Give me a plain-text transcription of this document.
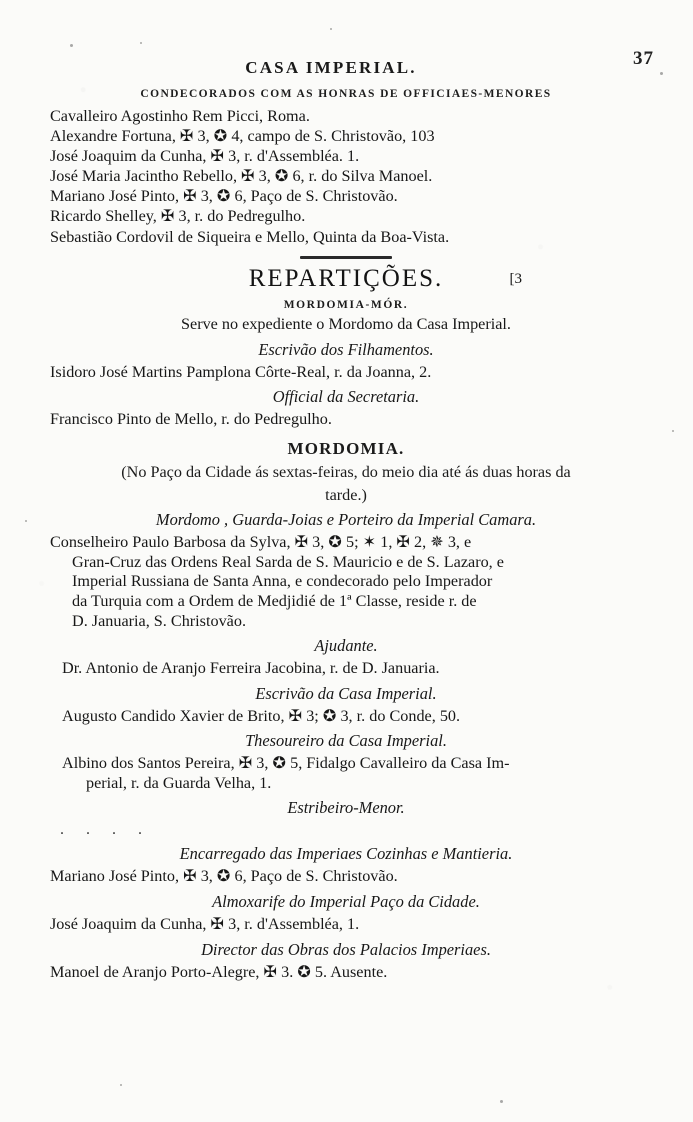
CASA IMPERIAL.	37
CONDECORADOS COM AS HONRAS DE OFFICIAES-MENORES
Cavalleiro Agostinho Rem Picci, Roma.
Alexandre Fortuna, ✠ 3, ✪ 4, campo de S. Christovão, 103
José Joaquim da Cunha, ✠ 3, r. d'Assembléa. 1.
José Maria Jacintho Rebello, ✠ 3, ✪ 6, r. do Silva Manoel.
Mariano José Pinto, ✠ 3, ✪ 6, Paço de S. Christovão.
Ricardo Shelley, ✠ 3, r. do Pedregulho.
Sebastião Cordovil de Siqueira e Mello, Quinta da Boa-Vista.
REPARTIÇÕES.	[3
MORDOMIA-MÓR.
Serve no expediente o Mordomo da Casa Imperial.
Escrivão dos Filhamentos.
Isidoro José Martins Pamplona Côrte-Real, r. da Joanna, 2.
Official da Secretaria.
Francisco Pinto de Mello, r. do Pedregulho.
MORDOMIA.
(No Paço da Cidade ás sextas-feiras, do meio dia até ás duas horas da
tarde.)
Mordomo , Guarda-Joias e Porteiro da Imperial Camara.
Conselheiro Paulo Barbosa da Sylva, ✠ 3, ✪ 5; ✶ 1, ✠ 2, ✵ 3, e
Gran-Cruz das Ordens Real Sarda de S. Mauricio e de S. Lazaro, e
Imperial Russiana de Santa Anna, e condecorado pelo Imperador
da Turquia com a Ordem de Medjidié de 1ª Classe, reside r. de
D. Januaria, S. Christovão.
Ajudante.
Dr. Antonio de Aranjo Ferreira Jacobina, r. de D. Januaria.
Escrivão da Casa Imperial.
Augusto Candido Xavier de Brito, ✠ 3; ✪ 3, r. do Conde, 50.
Thesoureiro da Casa Imperial.
Albino dos Santos Pereira, ✠ 3, ✪ 5, Fidalgo Cavalleiro da Casa Im-
perial, r. da Guarda Velha, 1.
Estribeiro-Menor.
. . . .
Encarregado das Imperiaes Cozinhas e Mantieria.
Mariano José Pinto, ✠ 3, ✪ 6, Paço de S. Christovão.
Almoxarife do Imperial Paço da Cidade.
José Joaquim da Cunha, ✠ 3, r. d'Assembléa, 1.
Director das Obras dos Palacios Imperiaes.
Manoel de Aranjo Porto-Alegre, ✠ 3. ✪ 5. Ausente.
